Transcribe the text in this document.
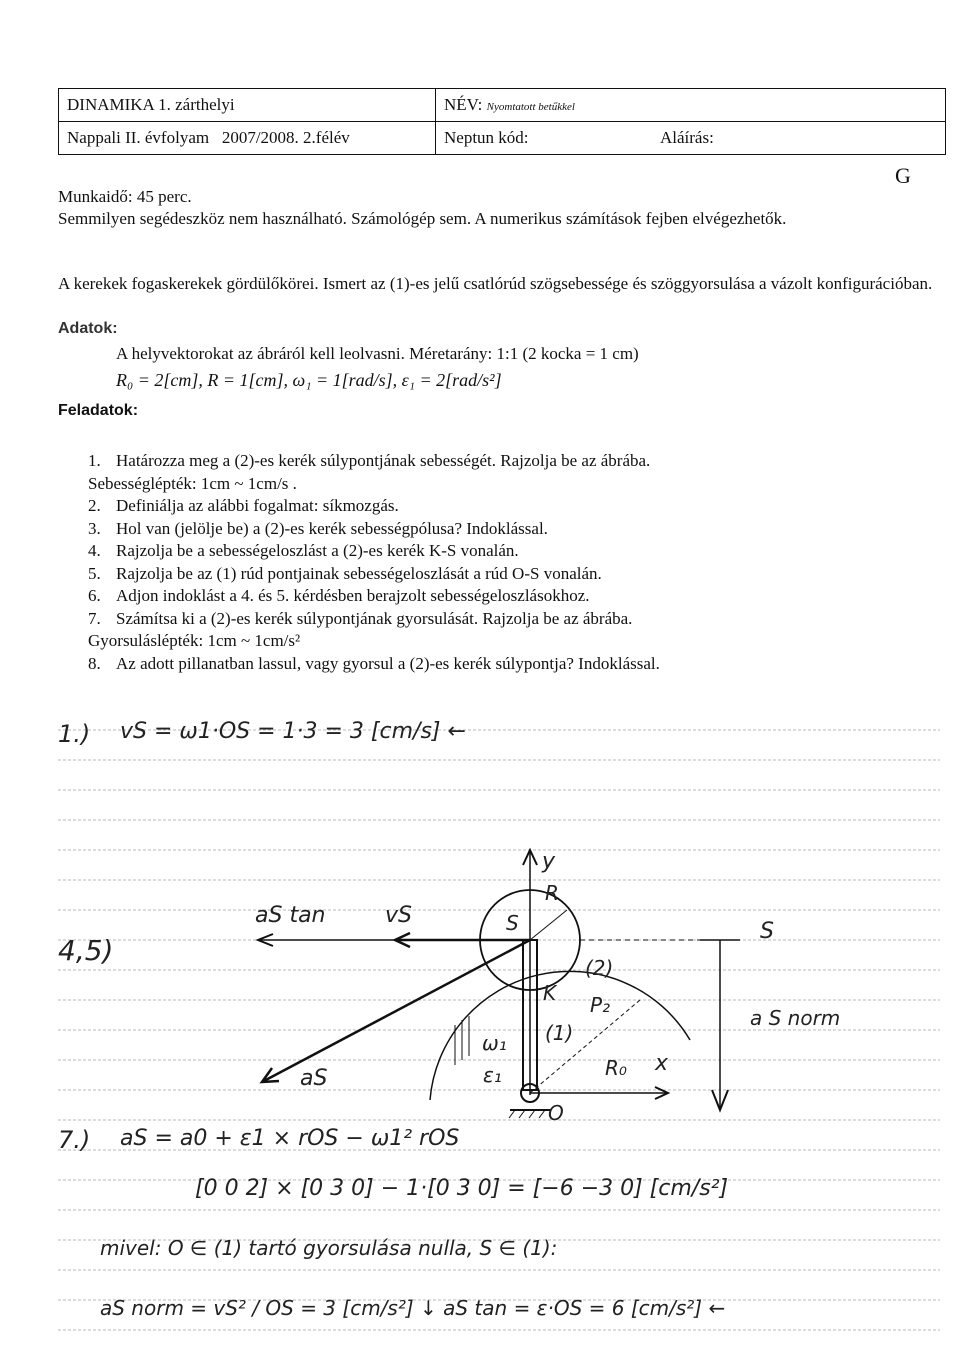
DINAMIKA 1. zárthelyi	NÉV: Nyomtatott betűkkel	
Nappali II. évfolyam   2007/2008. 2.félév	Neptun kód:	Aláírás:
G
Munkaidő: 45 perc.
Semmilyen segédeszköz nem használható. Számológép sem. A numerikus számítások fejben elvégezhetők.
A kerekek fogaskerekek gördülőkörei. Ismert az (1)-es jelű csatlórúd szögsebessége és szöggyorsulása a vázolt konfigurációban.
Adatok:
A helyvektorokat az ábráról kell leolvasni. Méretarány: 1:1 (2 kocka = 1 cm)
R₀ = 2[cm], R = 1[cm], ω₁ = 1[rad/s], ε₁ = 2[rad/s²]
Feladatok:
1. Határozza meg a (2)-es kerék súlypontjának sebességét. Rajzolja be az ábrába.
Sebességlépték: 1cm ~ 1cm/s .
2. Definiálja az alábbi fogalmat: síkmozgás.
3. Hol van (jelölje be) a (2)-es kerék sebességpólusa? Indoklással.
4. Rajzolja be a sebességeloszlást a (2)-es kerék K-S vonalán.
5. Rajzolja be az (1) rúd pontjainak sebességeloszlását a rúd O-S vonalán.
6. Adjon indoklást a 4. és 5. kérdésben berajzolt sebességeloszlásokhoz.
7. Számítsa ki a (2)-es kerék súlypontjának gyorsulását. Rajzolja be az ábrába.
Gyorsuláslépték: 1cm ~ 1cm/s²
8. Az adott pillanatban lassul, vagy gyorsul a (2)-es kerék súlypontja? Indoklással.
1.) vS = ω1·OS = 1·3 = 3 [cm/s] ←
4,5)
y
x
O
S
K
R
R₀
P₂
(2)
(1)
ω₁
ε₁
vS
aS tan
aS
S
a S norm
7.) aS = a0 + ε1 × rOS − ω1² rOS
[0 0 2] × [0 3 0] − 1·[0 3 0] = [−6 −3 0] [cm/s²]
mivel: O ∈ (1) tartó gyorsulása nulla, S ∈ (1):
aS norm = vS² / OS = 3 [cm/s²] ↓ aS tan = ε·OS = 6 [cm/s²] ←
